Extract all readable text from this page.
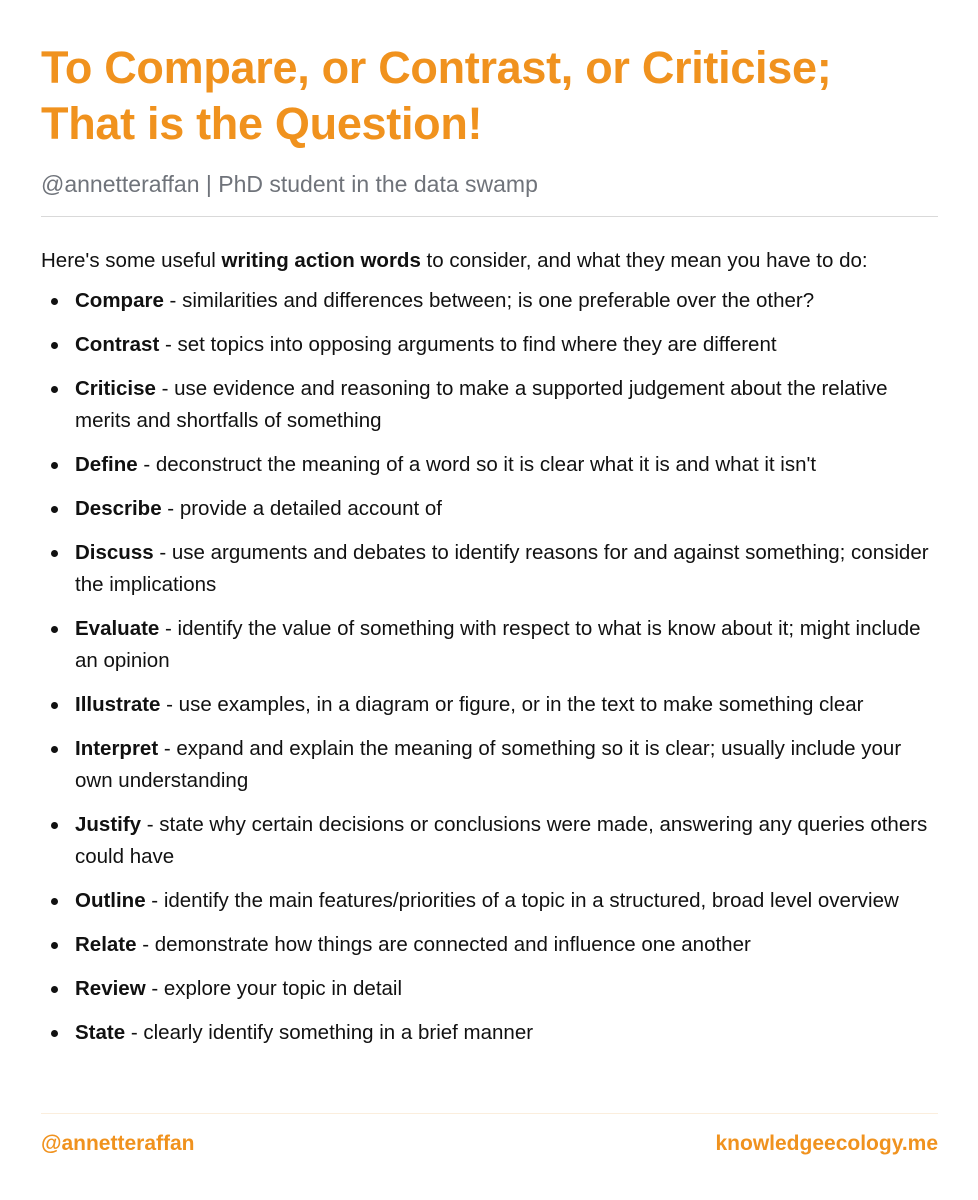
To Compare, or Contrast, or Criticise;
That is the Question!

@annetteraffan | PhD student in the data swamp

Here's some useful writing action words to consider, and what they mean you have to do:

Compare - similarities and differences between; is one preferable over the other?
Contrast - set topics into opposing arguments to find where they are different
Criticise - use evidence and reasoning to make a supported judgement about the relative merits and shortfalls of something
Define - deconstruct the meaning of a word so it is clear what it is and what it isn't
Describe - provide a detailed account of
Discuss - use arguments and debates to identify reasons for and against something; consider the implications
Evaluate - identify the value of something with respect to what is know about it; might include an opinion
Illustrate - use examples, in a diagram or figure, or in the text to make something clear
Interpret - expand and explain the meaning of something so it is clear; usually include your own understanding
Justify - state why certain decisions or conclusions were made, answering any queries others could have
Outline - identify the main features/priorities of a topic in a structured, broad level overview
Relate - demonstrate how things are connected and influence one another
Review - explore your topic in detail
State - clearly identify something in a brief manner

@annetteraffan	knowledgeecology.me
